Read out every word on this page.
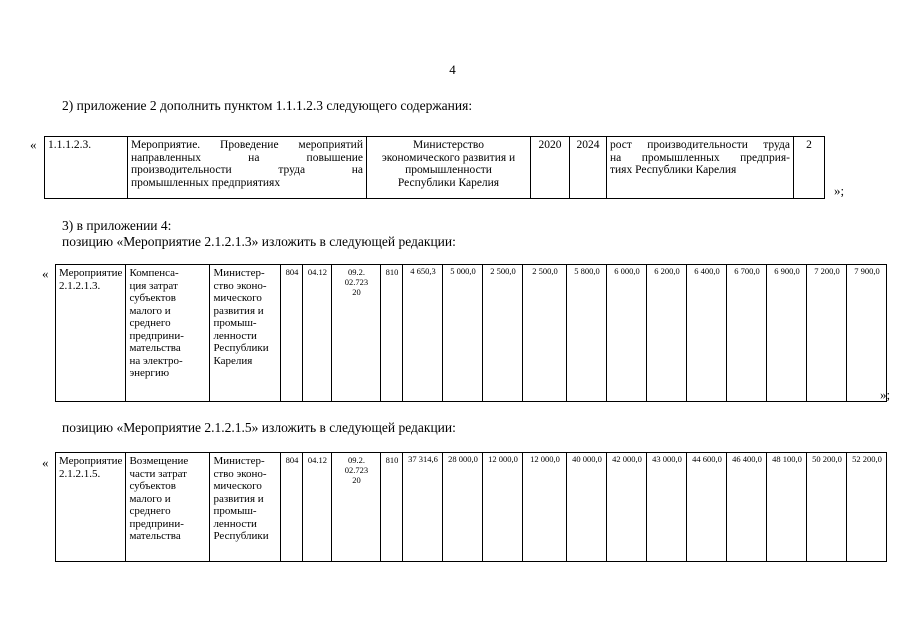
4
2) приложение 2 дополнить пунктом 1.1.1.2.3 следующего содержания:
« 1.1.1.2.3.	Мероприятие. Проведение мероприятий
направленных на повышение
производительности труда на
промышленных предприятиях
	Министерство
экономического развития и
промышленности
Республики Карелия	2020	2024	рост производительности труда
на промышленных предприя-
тиях Республики Карелия
	2
»;
3) в приложении 4:
позицию «Мероприятие 2.1.2.1.3» изложить в следующей редакции:
« Мероприятие
2.1.2.1.3.	Компенса-
ция затрат
субъектов
малого и
среднего
предприни-
мательства
на электро-
энергию	Министер-
ство эконо-
мического
развития и
промыш-
ленности
Республики
Карелия	804	04.12	09.2.
02.723
20	810	4 650,3	5 000,0	2 500,0	2 500,0	5 800,0	6 000,0	6 200,0	6 400,0	6 700,0	6 900,0	7 200,0	7 900,0
»;
позицию «Мероприятие 2.1.2.1.5» изложить в следующей редакции:
« Мероприятие
2.1.2.1.5.	Возмещение
части затрат
субъектов
малого и
среднего
предприни-
мательства	Министер-
ство эконо-
мического
развития и
промыш-
ленности
Республики	804	04.12	09.2.
02.723
20	810	37 314,6	28 000,0	12 000,0	12 000,0	40 000,0	42 000,0	43 000,0	44 600,0	46 400,0	48 100,0	50 200,0	52 200,0
